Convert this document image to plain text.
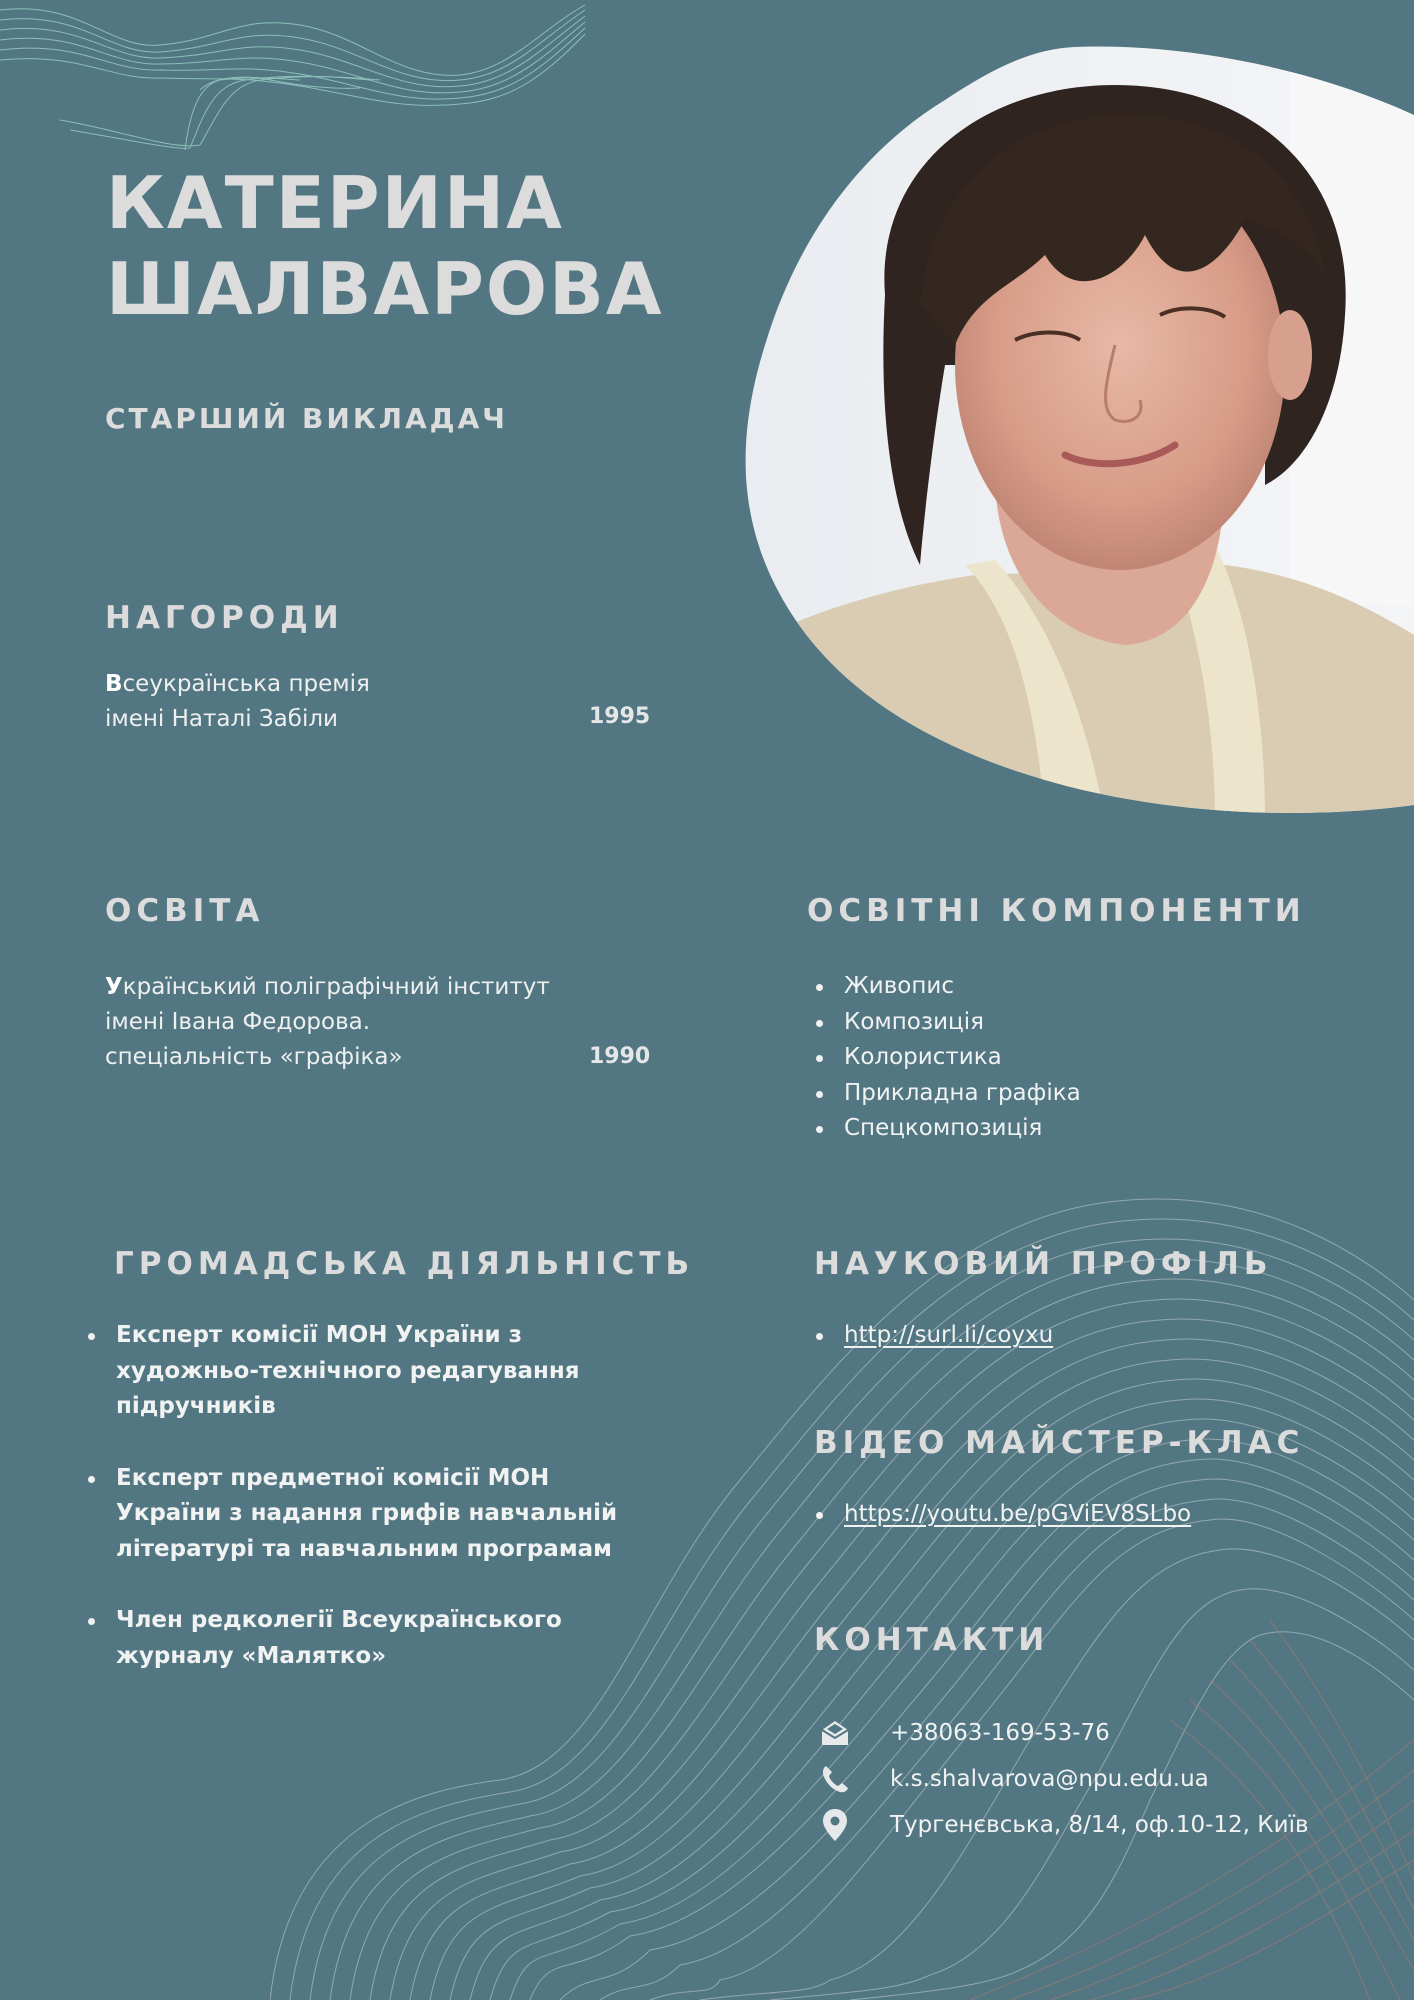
КАТЕРИНА
ШАЛВАРОВА
СТАРШИЙ ВИКЛАДАЧ
НАГОРОДИ
Всеукраїнська премія
імені Наталі Забіли	1995
ОСВІТА
Український поліграфічний інститут
імені Івана Федорова.
спеціальність «графіка»	1990
ОСВІТНІ КОМПОНЕНТИ
Живопис
Композиція
Колористика
Прикладна графіка
Спецкомпозиція
ГРОМАДСЬКА ДІЯЛЬНІСТЬ
Експерт комісії МОН України з художньо-технічного редагування підручників
Експерт предметної комісії МОН України з надання грифів навчальній літературі та навчальним програмам
Член редколегії Всеукраїнського журналу «Малятко»
НАУКОВИЙ ПРОФІЛЬ
http://surl.li/coyxu
ВІДЕО МАЙСТЕР-КЛАС
https://youtu.be/pGViEV8SLbo
КОНТАКТИ
+38063-169-53-76
k.s.shalvarova@npu.edu.ua
Тургенєвська, 8/14, оф.10-12, Київ
